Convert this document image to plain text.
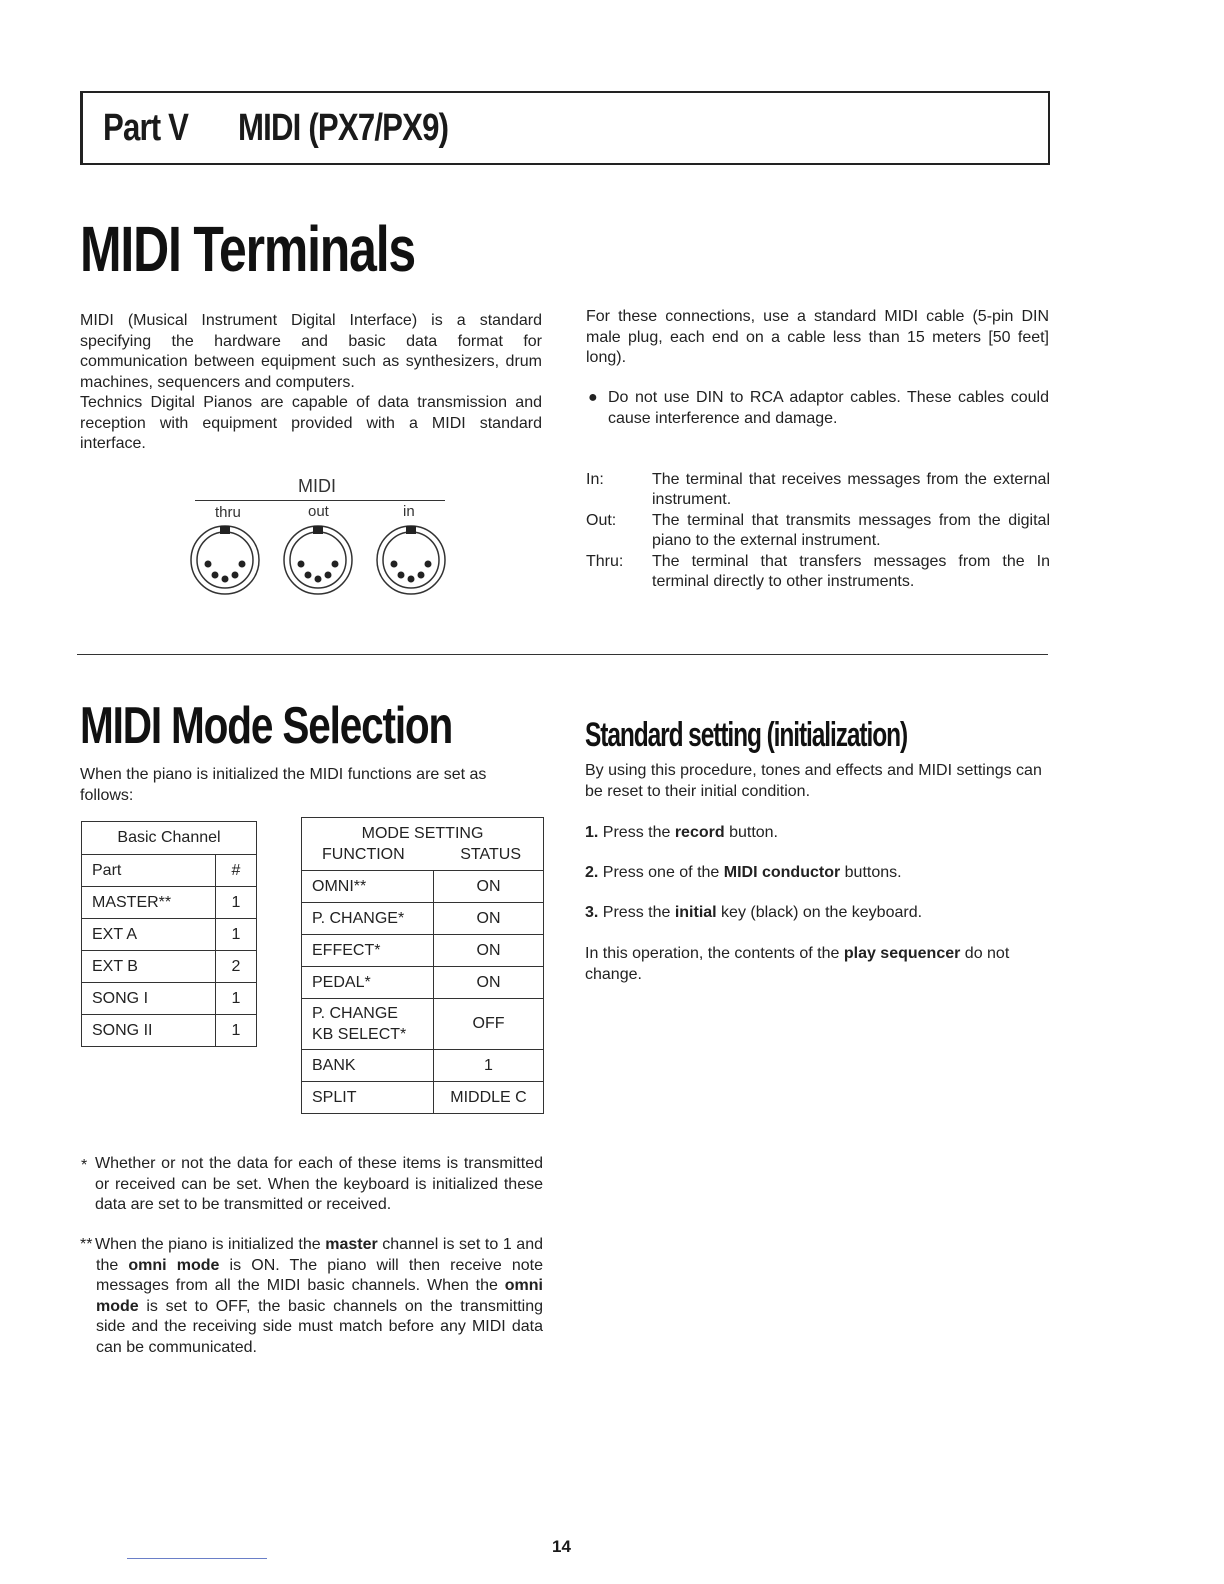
Part V MIDI (PX7/PX9)
MIDI Terminals

MIDI (Musical Instrument Digital Interface) is a standard specifying the hardware and basic data format for communication between equipment such as synthesizers, drum machines, sequencers and computers.

Technics Digital Pianos are capable of data transmission and reception with equipment provided with a MIDI standard interface.

MIDI
thru	out	in
For these connections, use a standard MIDI cable (5-pin DIN male plug, each end on a cable less than 15 meters [50 feet] long).
● Do not use DIN to RCA adaptor cables. These cables could cause interference and damage.
In:	The terminal that receives messages from the external instrument.
Out: The terminal that transmits messages from the digital piano to the external instrument.
Thru: The terminal that transfers messages from the In terminal directly to other instruments.
MIDI Mode Selection	Standard setting (initialization)
When the piano is initialized the MIDI functions are set as follows:
Basic Channel	
Part	#
MASTER**	1
EXT A	1
EXT B	2
SONG I	1
SONG II	1
MODE SETTING
FUNCTION STATUS	

OMNI**	ON
P. CHANGE*	ON
EFFECT*	ON
PEDAL*	ON

P. CHANGE
KB SELECT*	OFF
BANK	1
SPLIT	MIDDLE C
* Whether or not the data for each of these items is transmitted or received can be set. When the keyboard is initialized these data are set to be transmitted or received.
** When the piano is initialized the master channel is set to 1 and the omni mode is ON. The piano will then receive note messages from all the MIDI basic channels. When the omni mode is set to OFF, the basic channels on the transmitting side and the receiving side must match before any MIDI data can be communicated.
By using this procedure, tones and effects and MIDI settings can be reset to their initial condition.
1. Press the record button.
2. Press one of the MIDI conductor buttons.
3. Press the initial key (black) on the keyboard.
In this operation, the contents of the play sequencer do not change.
14
